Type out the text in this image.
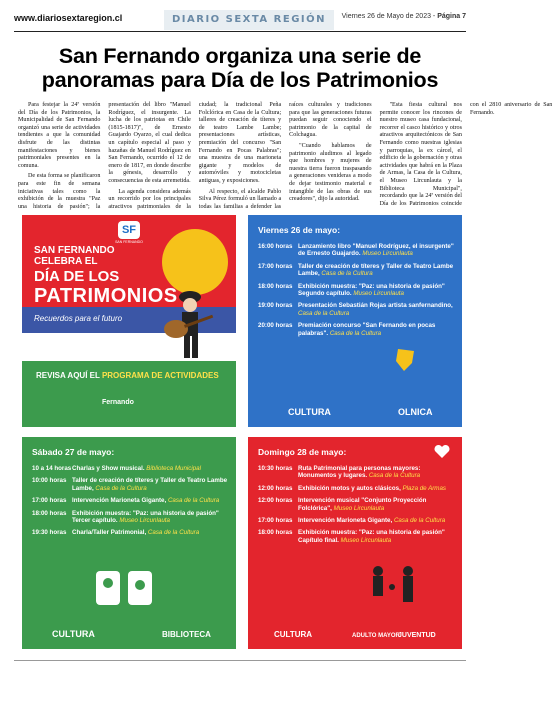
www.diariosextaregion.cl	DIARIO SEXTA REGIÓN	Viernes 26 de Mayo de 2023 - Página 7
San Fernando organiza una serie de panoramas para Día de los Patrimonios

Para festejar la 24ª versión del Día de los Patrimonios, la Municipalidad de San Fernando organizó una serie de actividades tendientes a que la comunidad disfrute de las distintas manifestaciones y bienes patrimoniales presentes en la comuna.

De esta forma se planificaron para este fin de semana iniciativas tales como la exhibición de la muestra "Paz una historia de pasión"; la presentación del libro "Manuel Rodríguez, el insurgente. La lucha de los patriotas en Chile (1815-1817)", de Ernesto Guajardo Oyarzo, el cual dedica un capítulo especial al paso y hazañas de Manuel Rodríguez en San Fernando, ocurrido el 12 de enero de 1817, en donde describe la génesis, desarrollo y consecuencias de esta arremetida.

La agenda considera además un recorrido por los principales atractivos patrimoniales de la ciudad; la tradicional Peña Folclórica en Casa de la Cultura; talleres de creación de títeres y de teatro Lambe Lambe; presentaciones artísticas, premiación del concurso "San Fernando en Pocas Palabras"; una muestra de una marioneta gigante y modelos de automóviles y motocicletas antiguas, y exposiciones.

Al respecto, el alcalde Pablo Silva Pérez formuló un llamado a todas las familias a defender las raíces culturales y tradiciones para que las generaciones futuras puedan seguir conociendo el patrimonio de la capital de Colchagua.

"Cuando hablamos de patrimonio aludimos al legado que hombres y mujeres de nuestra tierra fueron traspasando a generaciones venideras a modo de dejar testimonio material e intangible de las obras de sus creadores", dijo la autoridad.

"Esta fiesta cultural nos permite conocer los rincones de nuestro museo casa fundacional, recorrer el casco histórico y otros atractivos arquitectónicos de San Fernando como nuestras iglesias y parroquias, la ex cárcel, el edificio de la gobernación y otras actividades que habrá en la Plaza de Armas, la Casa de la Cultura, el Museo Lircunlauta y la Biblioteca Municipal", recordando que la 24ª versión del Día de los Patrimonios coincide con el 2810 aniversario de San Fernando.

SF
SAN FERNANDO
SAN FERNANDO CELEBRA EL
DÍA DE LOS
PATRIMONIOS
Recuerdos para el futuro
REVISA AQUÍ EL PROGRAMA DE ACTIVIDADES
Fernando
Viernes 26 de mayo:
16:00 horas Lanzamiento libro "Manuel Rodríguez, el insurgente" de Ernesto Guajardo. Museo Lircunlauta
17:00 horas Taller de creación de títeres y Taller de Teatro Lambe Lambe, Casa de la Cultura
18:00 horas Exhibición muestra: "Paz: una historia de pasión" Segundo capítulo. Museo Lircunlauta
19:00 horas Presentación Sebastián Rojas artista sanfernandino, Casa de la Cultura
20:00 horas Premiación concurso "San Fernando en pocas palabras". Casa de la Cultura
CULTURA	OLNICA
Sábado 27 de mayo:
10 a 14 horas Charlas y Show musical. Biblioteca Municipal
10:00 horas Taller de creación de títeres y Taller de Teatro Lambe Lambe, Casa de la Cultura
17:00 horas Intervención Marioneta Gigante, Casa de la Cultura
18:00 horas Exhibición muestra: "Paz: una historia de pasión" Tercer capítulo. Museo Lircunlauta
19:30 horas Charla/Taller Patrimonial, Casa de la Cultura
CULTURA	BIBLIOTECA
Domingo 28 de mayo:
10:30 horas Ruta Patrimonial para personas mayores: Monumentos y lugares. Casa de la Cultura
12:00 horas Exhibición motos y autos clásicos, Plaza de Armas
12:00 horas Intervención musical "Conjunto Proyección Folclórica", Museo Lircunlauta
17:00 horas Intervención Marioneta Gigante, Casa de la Cultura
18:00 horas Exhibición muestra: "Paz: una historia de pasión" Capítulo final. Museo Lircunlauta
CULTURA	ADULTO MAYOR
JUVENTUD
